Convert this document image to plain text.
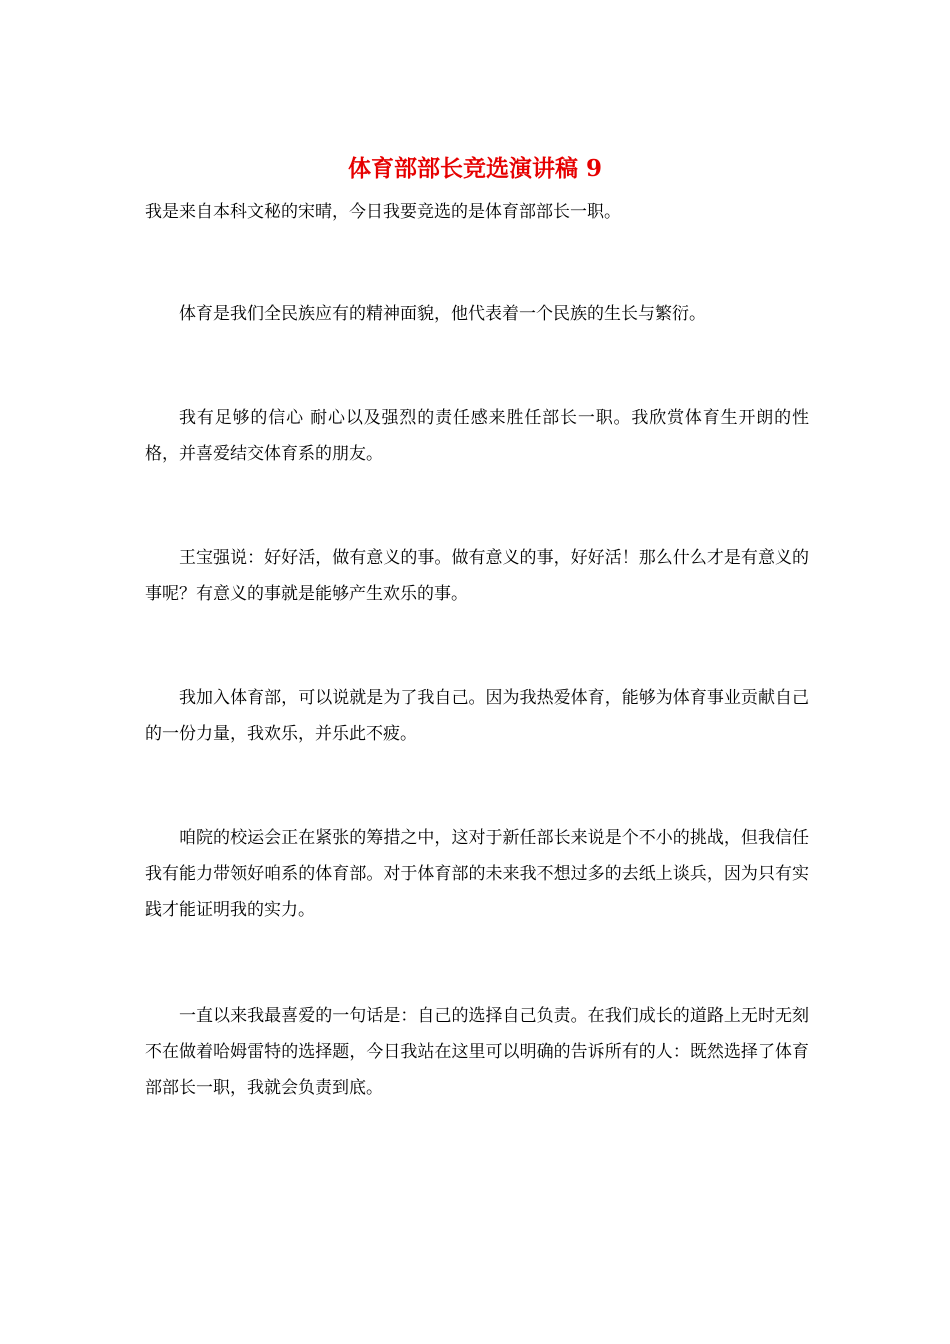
体育部部长竞选演讲稿 9

我是来自本科文秘的宋晴，今日我要竞选的是体育部部长一职。

体育是我们全民族应有的精神面貌，他代表着一个民族的生长与繁衍。

我有足够的信心 耐心以及强烈的责任感来胜任部长一职。我欣赏体育生开朗的性格，并喜爱结交体育系的朋友。

王宝强说：好好活，做有意义的事。做有意义的事，好好活！那么什么才是有意义的事呢？有意义的事就是能够产生欢乐的事。

我加入体育部，可以说就是为了我自己。因为我热爱体育，能够为体育事业贡献自己的一份力量，我欢乐，并乐此不疲。

咱院的校运会正在紧张的筹措之中，这对于新任部长来说是个不小的挑战，但我信任我有能力带领好咱系的体育部。对于体育部的未来我不想过多的去纸上谈兵，因为只有实践才能证明我的实力。

一直以来我最喜爱的一句话是：自己的选择自己负责。在我们成长的道路上无时无刻不在做着哈姆雷特的选择题，今日我站在这里可以明确的告诉所有的人：既然选择了体育部部长一职，我就会负责到底。
